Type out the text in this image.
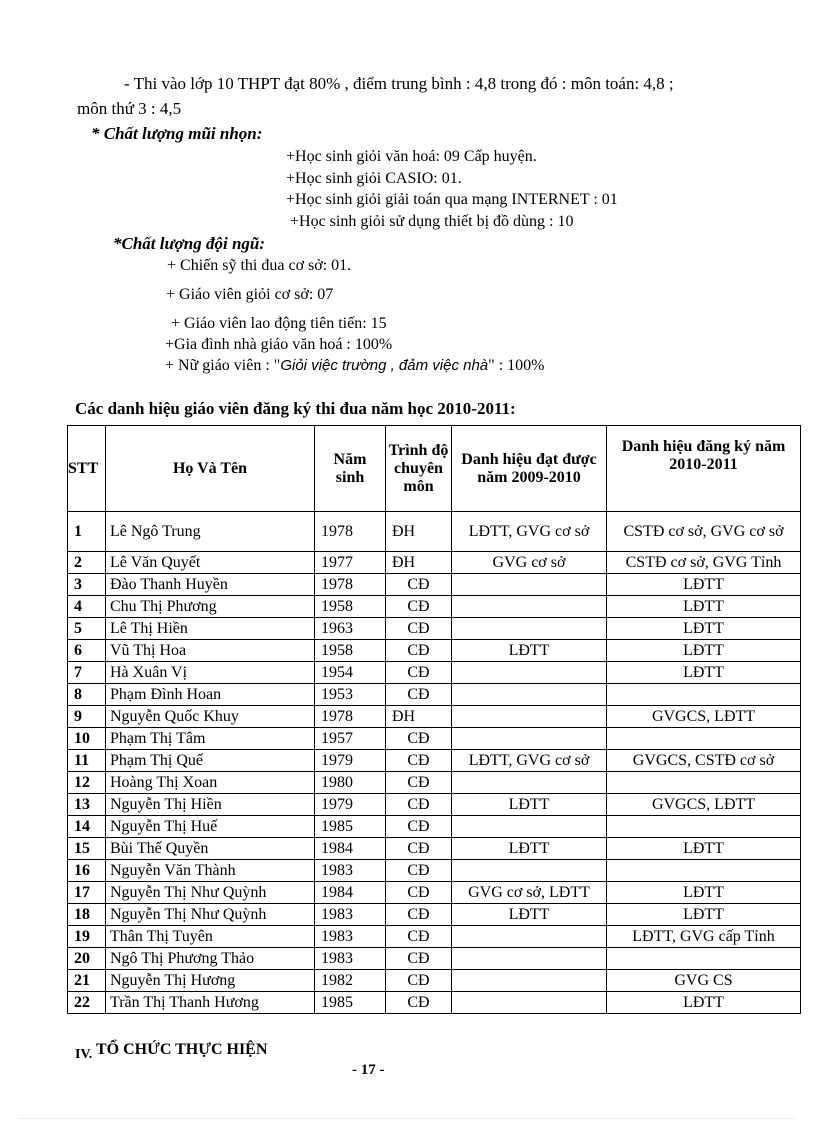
- Thi vào lớp 10 THPT đạt 80% , điểm trung bình : 4,8 trong đó : môn toán: 4,8 ;
môn thứ 3 : 4,5
* Chất lượng mũi nhọn:
+Học sinh giỏi văn hoá: 09 Cấp huyện.
+Học sinh giỏi CASIO: 01.
+Học sinh giỏi giải toán qua mạng INTERNET : 01
+Học sinh giỏi sử dụng thiết bị đồ dùng : 10
*Chất lượng đội ngũ:
+ Chiến sỹ thi đua cơ sở: 01.
+ Giáo viên giỏi cơ sở: 07
+ Giáo viên lao động tiên tiến: 15
+Gia đình nhà giáo văn hoá : 100%
+ Nữ giáo viên : "Giỏi việc trường , đảm việc nhà" : 100%
Các danh hiệu giáo viên đăng ký thi đua năm học 2010-2011:
STT	Họ Và Tên	Năm sinh	Trình độ chuyên môn	Danh hiệu đạt được năm 2009-2010	Danh hiệu đăng ký năm 2010-2011
1	Lê Ngô Trung	1978	ĐH	LĐTT, GVG cơ sở	CSTĐ cơ sở, GVG cơ sở
2	Lê Văn Quyết	1977	ĐH	GVG cơ sở	CSTĐ cơ sở, GVG Tỉnh
3	Đào Thanh Huyền	1978	CĐ		LĐTT
4	Chu Thị Phương	1958	CĐ		LĐTT
5	Lê Thị Hiền	1963	CĐ		LĐTT
6	Vũ Thị Hoa	1958	CĐ	LĐTT	LĐTT
7	Hà Xuân Vị	1954	CĐ		LĐTT
8	Phạm Đình Hoan	1953	CĐ		
9	Nguyễn Quốc Khuy	1978	ĐH		GVGCS, LĐTT
10	Phạm Thị Tâm	1957	CĐ		
11	Phạm Thị Quế	1979	CĐ	LĐTT, GVG cơ sở	GVGCS, CSTĐ cơ sở
12	Hoàng Thị Xoan	1980	CĐ		
13	Nguyễn Thị Hiền	1979	CĐ	LĐTT	GVGCS, LĐTT
14	Nguyễn Thị Huế	1985	CĐ		
15	Bùi Thế Quyền	1984	CĐ	LĐTT	LĐTT
16	Nguyễn Văn Thành	1983	CĐ		
17	Nguyễn Thị Như Quỳnh	1984	CĐ	GVG cơ sở, LĐTT	LĐTT
18	Nguyễn Thị Như Quỳnh	1983	CĐ	LĐTT	LĐTT
19	Thân Thị Tuyên	1983	CĐ		LĐTT, GVG cấp Tỉnh
20	Ngô Thị Phương Thảo	1983	CĐ		
21	Nguyễn Thị Hương	1982	CĐ		GVG CS
22	Trần Thị Thanh Hương	1985	CĐ		LĐTT
IV. TỔ CHỨC THỰC HIỆN
- 17 -
